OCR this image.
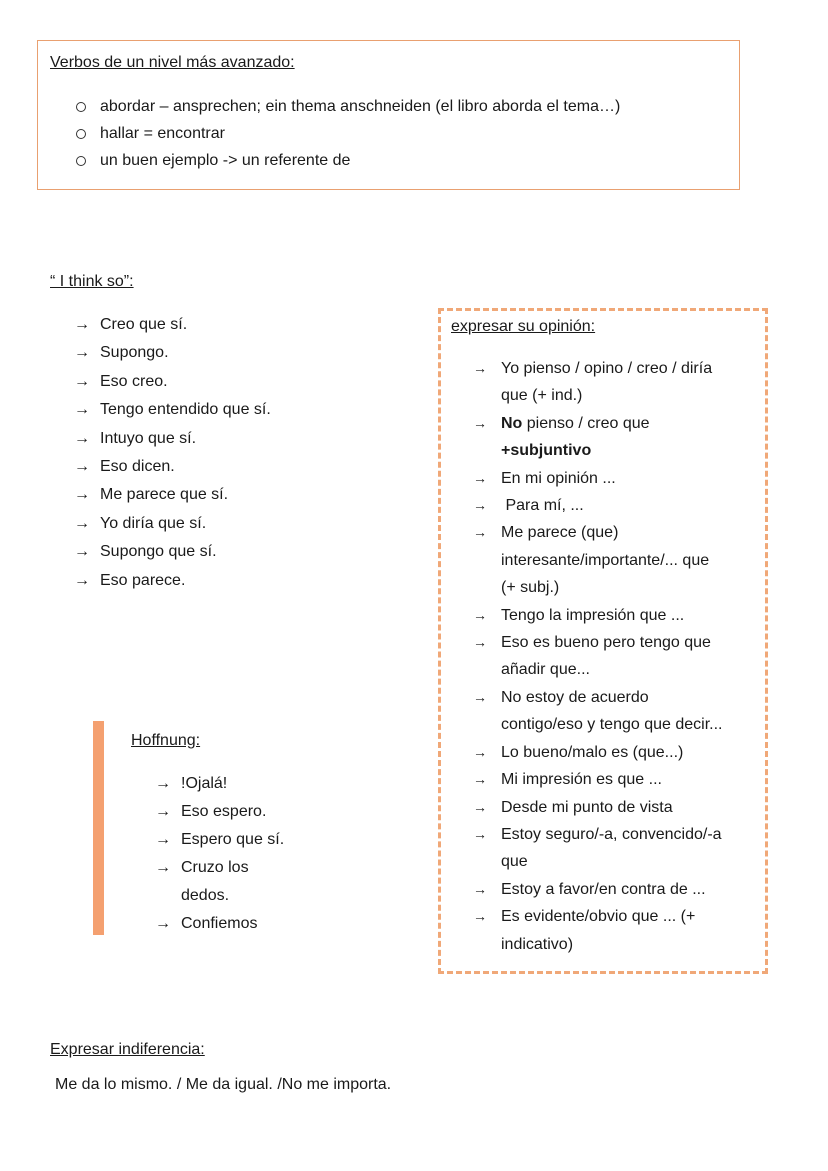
Verbos de un nivel más avanzado:
abordar – ansprechen; ein thema anschneiden (el libro aborda el tema…)
hallar = encontrar
un buen ejemplo -> un referente de
“ I think so”:
→ Creo que sí.
→ Supongo.
→ Eso creo.
→ Tengo entendido que sí.
→ Intuyo que sí.
→ Eso dicen.
→ Me parece que sí.
→ Yo diría que sí.
→ Supongo que sí.
→ Eso parece.
Hoffnung:
→ !Ojalá!
→ Eso espero.
→ Espero que sí.
→ Cruzo los
dedos.
→ Confiemos
expresar su opinión:
→ Yo pienso / opino / creo / diría
que (+ ind.)
→ No pienso / creo que
+subjuntivo
→ En mi opinión ...
→ Para mí, ...
→ Me parece (que)
interesante/importante/... que
(+ subj.)
→ Tengo la impresión que ...
→ Eso es bueno pero tengo que
añadir que...
→ No estoy de acuerdo
contigo/eso y tengo que decir...
→ Lo bueno/malo es (que...)
→ Mi impresión es que ...
→ Desde mi punto de vista
→ Estoy seguro/-a, convencido/-a
que
→ Estoy a favor/en contra de ...
→ Es evidente/obvio que ... (+
indicativo)
Expresar indiferencia:
Me da lo mismo. / Me da igual. /No me importa.
